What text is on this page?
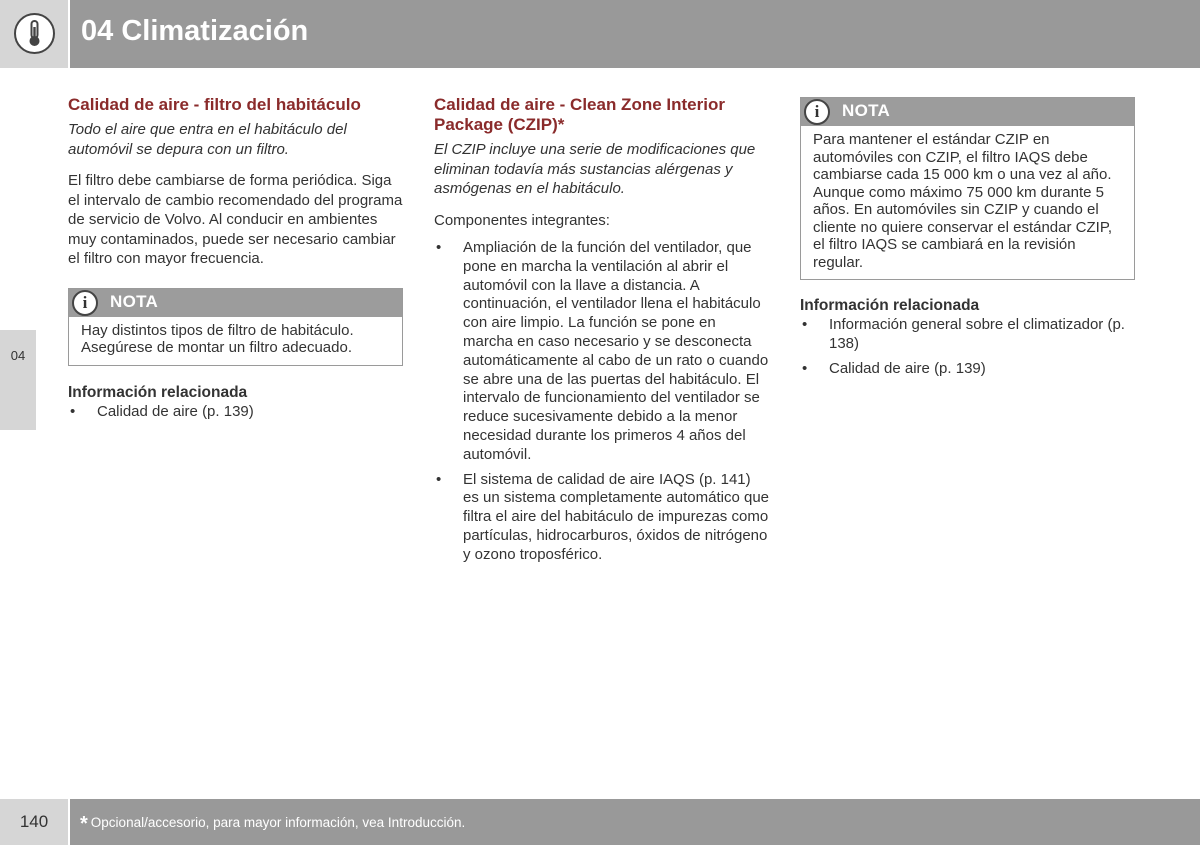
04 Climatización
04
Calidad de aire - filtro del habitáculo
Todo el aire que entra en el habitáculo del automóvil se depura con un filtro.
El filtro debe cambiarse de forma periódica. Siga el intervalo de cambio recomendado del programa de servicio de Volvo. Al conducir en ambientes muy contaminados, puede ser necesario cambiar el filtro con mayor frecuencia.
i	NOTA
Hay distintos tipos de filtro de habitáculo. Asegúrese de montar un filtro adecuado.
Información relacionada
• Calidad de aire (p. 139)
Calidad de aire - Clean Zone Interior Package (CZIP)*
El CZIP incluye una serie de modificaciones que eliminan todavía más sustancias alérgenas y asmógenas en el habitáculo.
Componentes integrantes:
• Ampliación de la función del ventilador, que pone en marcha la ventilación al abrir el automóvil con la llave a distancia. A continuación, el ventilador llena el habitáculo con aire limpio. La función se pone en marcha en caso necesario y se desconecta automáticamente al cabo de un rato o cuando se abre una de las puertas del habitáculo. El intervalo de funcionamiento del ventilador se reduce sucesivamente debido a la menor necesidad durante los primeros 4 años del automóvil.
• El sistema de calidad de aire IAQS (p. 141) es un sistema completamente automático que filtra el aire del habitáculo de impurezas como partículas, hidrocarburos, óxidos de nitrógeno y ozono troposférico.
i	NOTA
Para mantener el estándar CZIP en automóviles con CZIP, el filtro IAQS debe cambiarse cada 15 000 km o una vez al año. Aunque como máximo 75 000 km durante 5 años. En automóviles sin CZIP y cuando el cliente no quiere conservar el estándar CZIP, el filtro IAQS se cambiará en la revisión regular.
Información relacionada
• Información general sobre el climatizador (p. 138)
• Calidad de aire (p. 139)
140	* Opcional/accesorio, para mayor información, vea Introducción.
